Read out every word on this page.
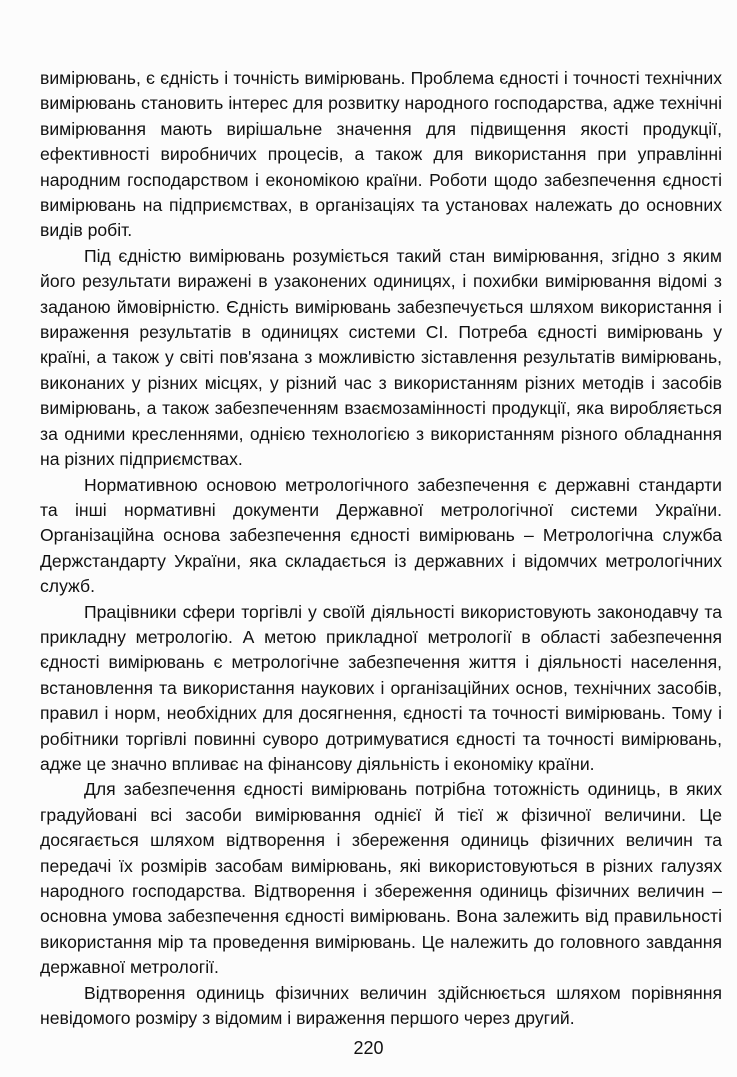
вимірювань, є єдність і точність вимірювань. Проблема єдності і точності технічних вимірювань становить інтерес для розвитку народного господарства, адже технічні вимірювання мають вирішальне значення для підвищення якості продукції, ефективності виробничих процесів, а також для використання при управлінні народним господарством і економікою країни. Роботи щодо забезпечення єдності вимірювань на підприємствах, в організаціях та установах належать до основних видів робіт.

Під єдністю вимірювань розуміється такий стан вимірювання, згідно з яким його результати виражені в узаконених одиницях, і похибки вимірювання відомі з заданою ймовірністю. Єдність вимірювань забезпечується шляхом використання і вираження результатів в одиницях системи СІ. Потреба єдності вимірювань у країні, а також у світі пов'язана з можливістю зіставлення результатів вимірювань, виконаних у різних місцях, у різний час з використанням різних методів і засобів вимірювань, а також забезпеченням взаємозамінності продукції, яка виробляється за одними кресленнями, однією технологією з використанням різного обладнання на різних підприємствах.

Нормативною основою метрологічного забезпечення є державні стандарти та інші нормативні документи Державної метрологічної системи України. Організаційна основа забезпечення єдності вимірювань – Метрологічна служба Держстандарту України, яка складається із державних і відомчих метрологічних служб.

Працівники сфери торгівлі у своїй діяльності використовують законодавчу та прикладну метрологію. А метою прикладної метрології в області забезпечення єдності вимірювань є метрологічне забезпечення життя і діяльності населення, встановлення та використання наукових і організаційних основ, технічних засобів, правил і норм, необхідних для досягнення, єдності та точності вимірювань. Тому і робітники торгівлі повинні суворо дотримуватися єдності та точності вимірювань, адже це значно впливає на фінансову діяльність і економіку країни.

Для забезпечення єдності вимірювань потрібна тотожність одиниць, в яких градуйовані всі засоби вимірювання однієї й тієї ж фізичної величини. Це досягається шляхом відтворення і збереження одиниць фізичних величин та передачі їх розмірів засобам вимірювань, які використовуються в різних галузях народного господарства. Відтворення і збереження одиниць фізичних величин – основна умова забезпечення єдності вимірювань. Вона залежить від правильності використання мір та проведення вимірювань. Це належить до головного завдання державної метрології.

Відтворення одиниць фізичних величин здійснюється шляхом порівняння невідомого розміру з відомим і вираження першого через другий.

220
